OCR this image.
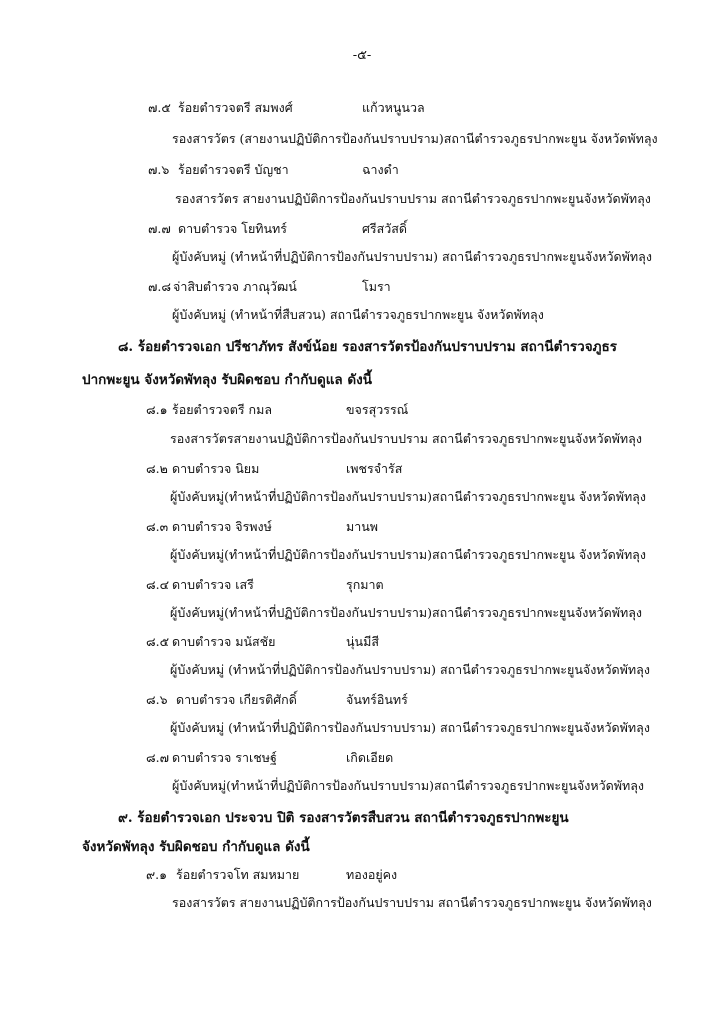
-๕-
๗.๕ ร้อยตำรวจตรี สมพงศ์	แก้วหนูนวล
รองสารวัตร (สายงานปฏิบัติการป้องกันปราบปราม)สถานีตำรวจภูธรปากพะยูน จังหวัดพัทลุง
๗.๖ ร้อยตำรวจตรี บัญชา	ฉางดำ
รองสารวัตร สายงานปฏิบัติการป้องกันปราบปราม สถานีตำรวจภูธรปากพะยูนจังหวัดพัทลุง
๗.๗ ดาบตำรวจ โยทินทร์	ศรีสวัสดิ์
ผู้บังคับหมู่ (ทำหน้าที่ปฏิบัติการป้องกันปราบปราม) สถานีตำรวจภูธรปากพะยูนจังหวัดพัทลุง
๗.๘ จ่าสิบตำรวจ ภาณุวัฒน์	โมรา
ผู้บังคับหมู่ (ทำหน้าที่สืบสวน) สถานีตำรวจภูธรปากพะยูน จังหวัดพัทลุง
๘. ร้อยตำรวจเอก ปรีชาภัทร สังข์น้อย รองสารวัตรป้องกันปราบปราม สถานีตำรวจภูธร
ปากพะยูน จังหวัดพัทลุง รับผิดชอบ กำกับดูแล ดังนี้
๘.๑ ร้อยตำรวจตรี กมล	ขจรสุวรรณ์
รองสารวัตรสายงานปฏิบัติการป้องกันปราบปราม สถานีตำรวจภูธรปากพะยูนจังหวัดพัทลุง
๘.๒ ดาบตำรวจ นิยม	เพชรจำรัส
ผู้บังคับหมู่(ทำหน้าที่ปฏิบัติการป้องกันปราบปราม)สถานีตำรวจภูธรปากพะยูน จังหวัดพัทลุง
๘.๓ ดาบตำรวจ จิรพงษ์	มานพ
ผู้บังคับหมู่(ทำหน้าที่ปฏิบัติการป้องกันปราบปราม)สถานีตำรวจภูธรปากพะยูน จังหวัดพัทลุง
๘.๔ ดาบตำรวจ เสรี	รุกมาต
ผู้บังคับหมู่(ทำหน้าที่ปฏิบัติการป้องกันปราบปราม)สถานีตำรวจภูธรปากพะยูนจังหวัดพัทลุง
๘.๕ ดาบตำรวจ มนัสชัย	นุ่นมีสี
ผู้บังคับหมู่ (ทำหน้าที่ปฏิบัติการป้องกันปราบปราม) สถานีตำรวจภูธรปากพะยูนจังหวัดพัทลุง
๘.๖ ดาบตำรวจ เกียรติศักดิ์	จันทร์อินทร์
ผู้บังคับหมู่ (ทำหน้าที่ปฏิบัติการป้องกันปราบปราม) สถานีตำรวจภูธรปากพะยูนจังหวัดพัทลุง
๘.๗ ดาบตำรวจ ราเชษฐ์	เกิดเอียด
ผู้บังคับหมู่(ทำหน้าที่ปฏิบัติการป้องกันปราบปราม)สถานีตำรวจภูธรปากพะยูนจังหวัดพัทลุง
๙. ร้อยตำรวจเอก ประจวบ ปิติ รองสารวัตรสืบสวน สถานีตำรวจภูธรปากพะยูน
จังหวัดพัทลุง รับผิดชอบ กำกับดูแล ดังนี้
๙.๑ ร้อยตำรวจโท สมหมาย	ทองอยู่คง
รองสารวัตร สายงานปฏิบัติการป้องกันปราบปราม สถานีตำรวจภูธรปากพะยูน จังหวัดพัทลุง
